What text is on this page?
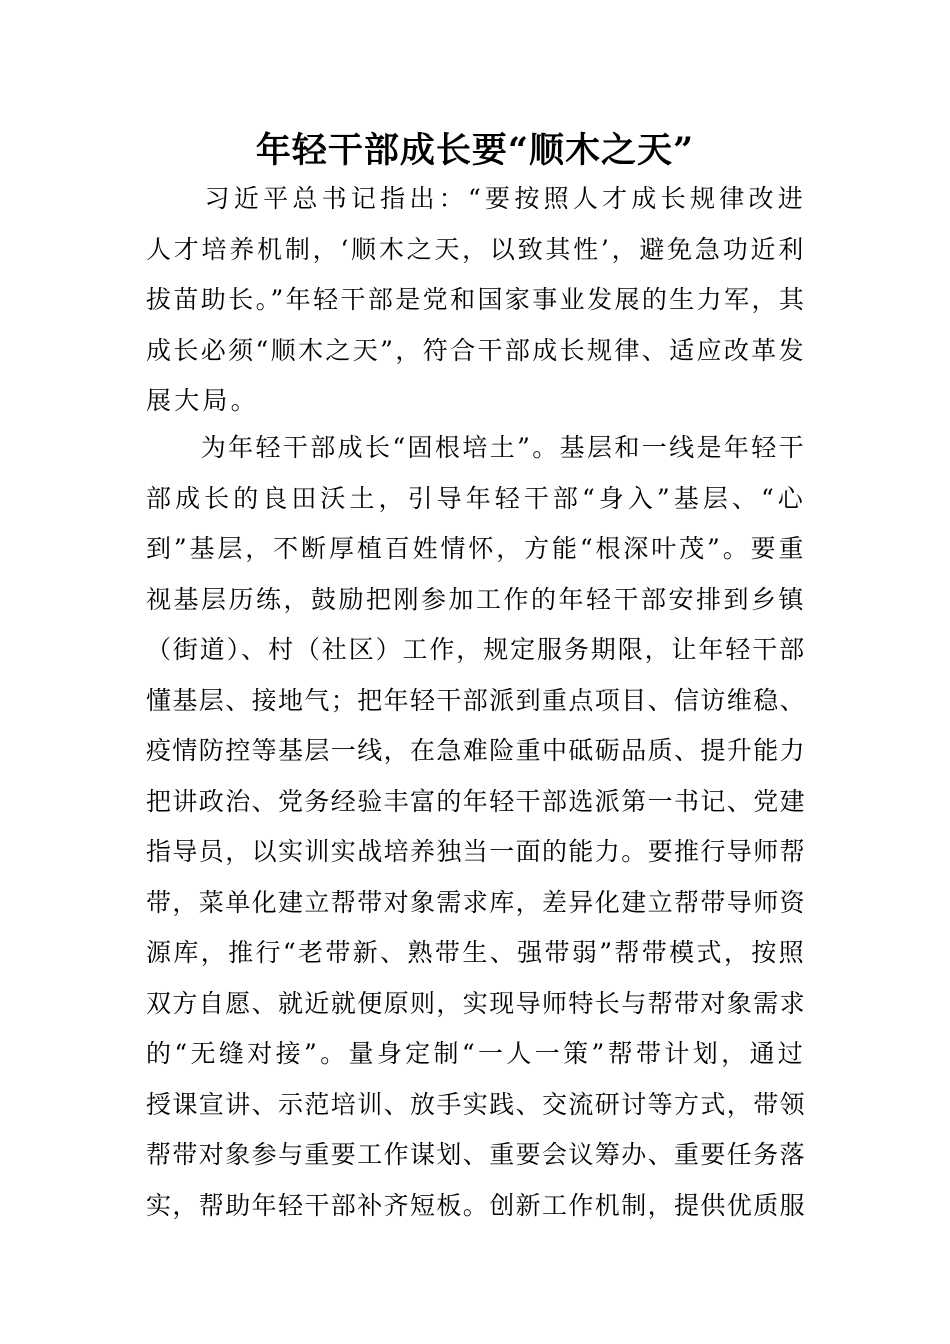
年轻干部成长要“顺木之天”
　　习近平总书记指出：“要按照人才成长规律改进
人才培养机制，‘顺木之天，以致其性’，避免急功近利
拔苗助长。”年轻干部是党和国家事业发展的生力军，其
成长必须“顺木之天”，符合干部成长规律、适应改革发
展大局。
　　为年轻干部成长“固根培土”。基层和一线是年轻干
部成长的良田沃土，引导年轻干部“身入”基层、“心
到”基层，不断厚植百姓情怀，方能“根深叶茂”。要重
视基层历练，鼓励把刚参加工作的年轻干部安排到乡镇
（街道）、村（社区）工作，规定服务期限，让年轻干部
懂基层、接地气；把年轻干部派到重点项目、信访维稳、
疫情防控等基层一线，在急难险重中砥砺品质、提升能力
把讲政治、党务经验丰富的年轻干部选派第一书记、党建
指导员，以实训实战培养独当一面的能力。要推行导师帮
带，菜单化建立帮带对象需求库，差异化建立帮带导师资
源库，推行“老带新、熟带生、强带弱”帮带模式，按照
双方自愿、就近就便原则，实现导师特长与帮带对象需求
的“无缝对接”。量身定制“一人一策”帮带计划，通过
授课宣讲、示范培训、放手实践、交流研讨等方式，带领
帮带对象参与重要工作谋划、重要会议筹办、重要任务落
实，帮助年轻干部补齐短板。创新工作机制，提供优质服
